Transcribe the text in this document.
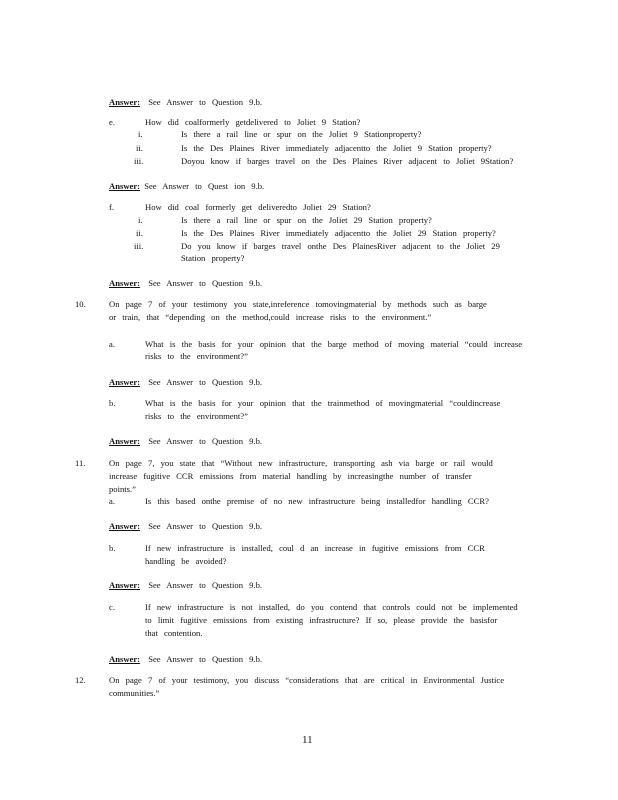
Answer: See Answer to Question 9.b.
e.	How did coalformerly getdelivered to Joliet 9 Station?
i.	Is there a rail line or spur on the Joliet 9 Stationproperty?
ii.	Is the Des Plaines River immediately adjacentto the Joliet 9 Station property?
iii.	Doyou know if barges travel on the Des Plaines River adjacent to Joliet 9Station?
Answer: See Answer to Quest ion 9.b.
f.	How did coal formerly get deliveredto Joliet 29 Station?
i.	Is there a rail line or spur on the Joliet 29 Station property?
ii.	Is the Des Plaines River immediately adjacentto the Joliet 29 Station property?
iii.	Do you know if barges travel onthe Des PlainesRiver adjacent to the Joliet 29
Station property?
Answer: See Answer to Question 9.b.
10.	On page 7 of your testimony you state,inreference tomovingmaterial by methods such as barge
or train, that “depending on the method,could increase risks to the environment.”
a.	What is the basis for your opinion that the barge method of moving material “could increase
risks to the environment?”
Answer: See Answer to Question 9.b.
b.	What is the basis for your opinion that the trainmethod of movingmaterial “couldincrease
risks to the environment?”
Answer: See Answer to Question 9.b.
11.	On page 7, you state that “Without new infrastructure, transporting ash via barge or rail would
increase fugitive CCR emissions from material handling by increasingthe number of transfer
points.”
a.	Is this based onthe premise of no new infrastructure being installedfor handling CCR?
Answer: See Answer to Question 9.b.
b.	If new infrastructure is installed, coul d an increase in fugitive emissions from CCR
handling be avoided?
Answer: See Answer to Question 9.b.
c.	If new infrastructure is not installed, do you contend that controls could not be implemented
to limit fugitive emissions from existing infrastructure? If so, please provide the basisfor
that contention.
Answer: See Answer to Question 9.b.
12.	On page 7 of your testimony, you discuss “considerations that are critical in Environmental Justice
communities.”
11
